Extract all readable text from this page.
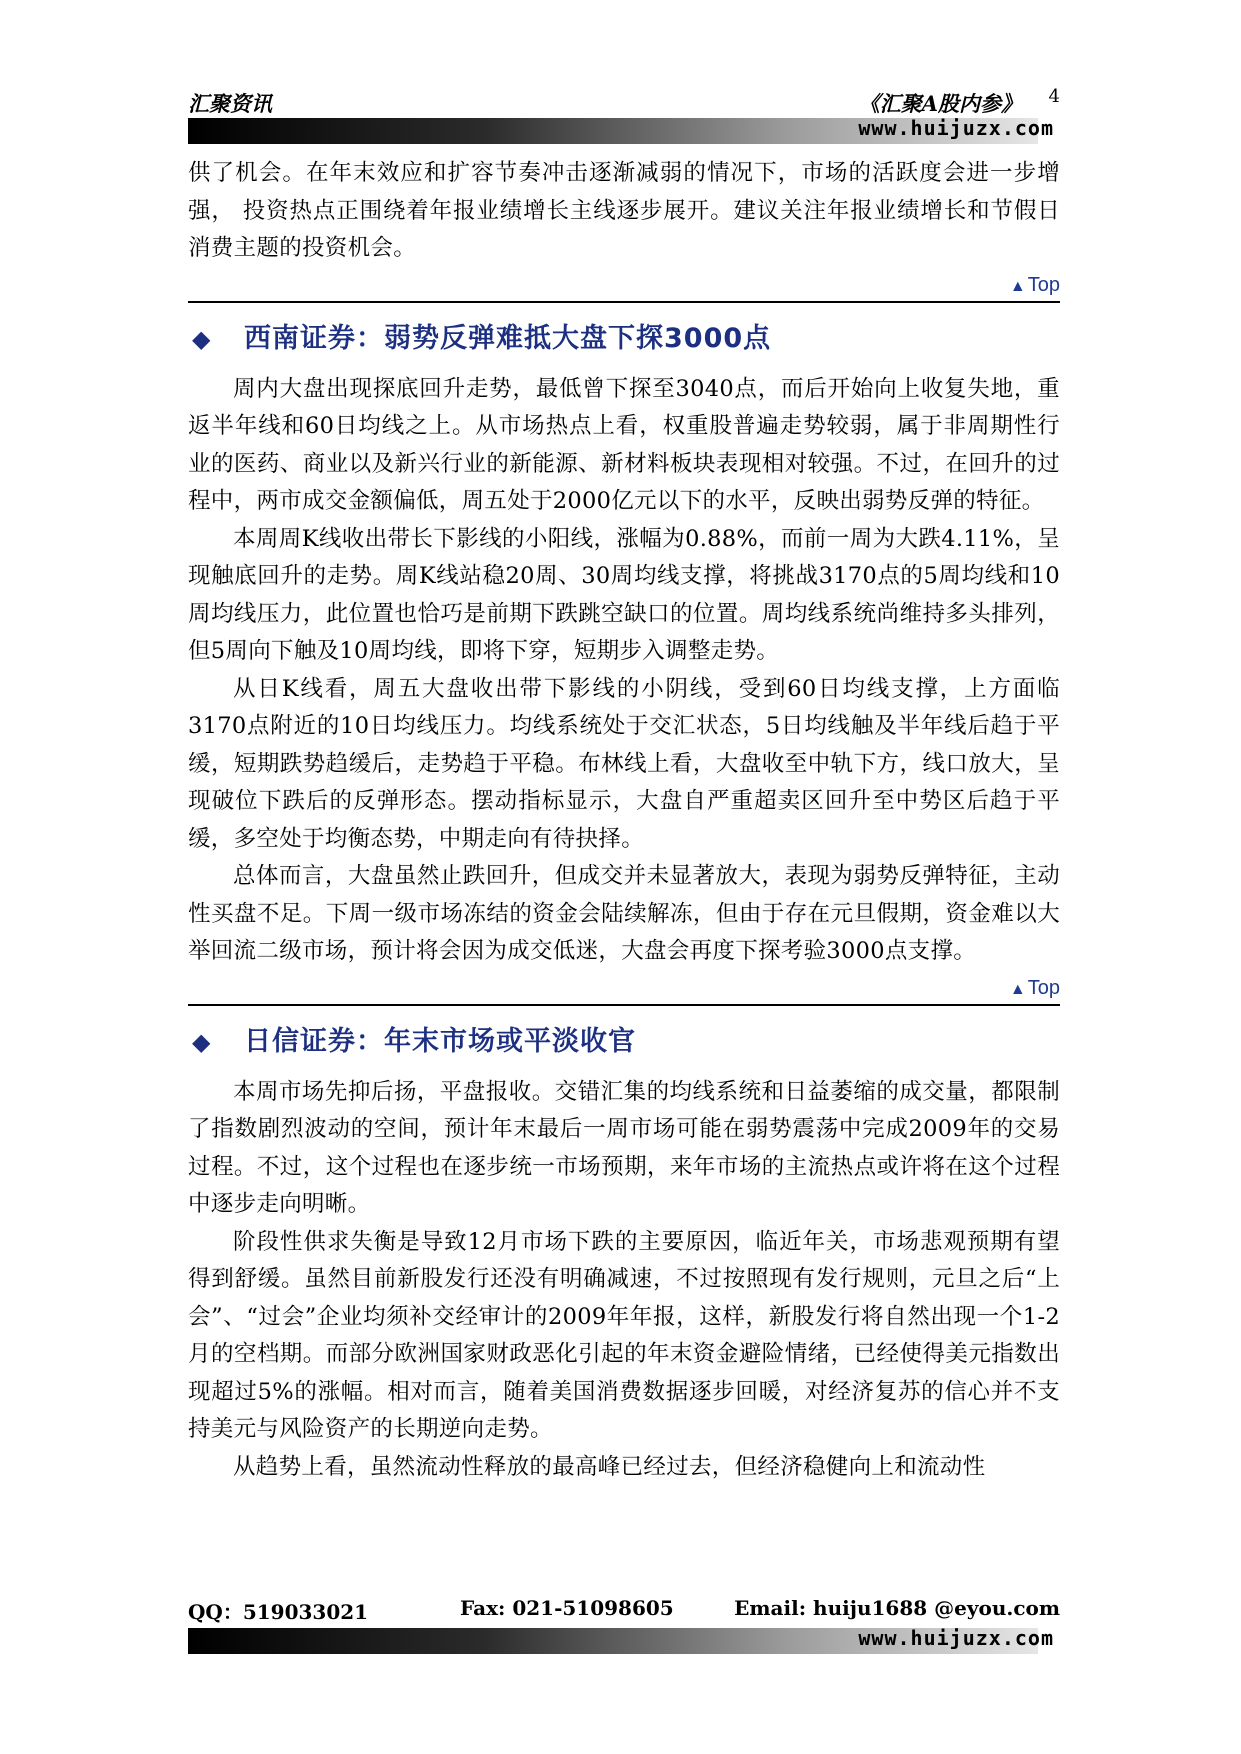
汇聚资讯	《汇聚A股内参》 4
www.huijuzx.com

供了机会。在年末效应和扩容节奏冲击逐渐减弱的情况下，市场的活跃度会进一步增强， 投资热点正围绕着年报业绩增长主线逐步展开。建议关注年报业绩增长和节假日消费主题的投资机会。

▲ Top
◆ 西南证券：弱势反弹难抵大盘下探3000点

周内大盘出现探底回升走势，最低曾下探至3040点，而后开始向上收复失地，重返半年线和60日均线之上。从市场热点上看，权重股普遍走势较弱，属于非周期性行业的医药、商业以及新兴行业的新能源、新材料板块表现相对较强。不过，在回升的过程中，两市成交金额偏低，周五处于2000亿元以下的水平，反映出弱势反弹的特征。

本周周K线收出带长下影线的小阳线，涨幅为0.88%，而前一周为大跌4.11%，呈现触底回升的走势。周K线站稳20周、30周均线支撑，将挑战3170点的5周均线和10周均线压力，此位置也恰巧是前期下跌跳空缺口的位置。周均线系统尚维持多头排列，但5周向下触及10周均线，即将下穿，短期步入调整走势。

从日K线看，周五大盘收出带下影线的小阴线，受到60日均线支撑，上方面临3170点附近的10日均线压力。均线系统处于交汇状态，5日均线触及半年线后趋于平缓，短期跌势趋缓后，走势趋于平稳。布林线上看，大盘收至中轨下方，线口放大，呈现破位下跌后的反弹形态。摆动指标显示，大盘自严重超卖区回升至中势区后趋于平缓，多空处于均衡态势，中期走向有待抉择。

总体而言，大盘虽然止跌回升，但成交并未显著放大，表现为弱势反弹特征，主动性买盘不足。下周一级市场冻结的资金会陆续解冻，但由于存在元旦假期，资金难以大举回流二级市场，预计将会因为成交低迷，大盘会再度下探考验3000点支撑。

▲ Top
◆ 日信证券：年末市场或平淡收官

本周市场先抑后扬，平盘报收。交错汇集的均线系统和日益萎缩的成交量，都限制了指数剧烈波动的空间，预计年末最后一周市场可能在弱势震荡中完成2009年的交易过程。不过，这个过程也在逐步统一市场预期，来年市场的主流热点或许将在这个过程中逐步走向明晰。

阶段性供求失衡是导致12月市场下跌的主要原因，临近年关，市场悲观预期有望得到舒缓。虽然目前新股发行还没有明确减速，不过按照现有发行规则，元旦之后“上会”、“过会”企业均须补交经审计的2009年年报，这样，新股发行将自然出现一个1-2月的空档期。而部分欧洲国家财政恶化引起的年末资金避险情绪，已经使得美元指数出现超过5%的涨幅。相对而言，随着美国消费数据逐步回暖，对经济复苏的信心并不支持美元与风险资产的长期逆向走势。

从趋势上看，虽然流动性释放的最高峰已经过去，但经济稳健向上和流动性

QQ：519033021	Fax: 021-51098605	Email: huiju1688 @eyou.com
www.huijuzx.com
